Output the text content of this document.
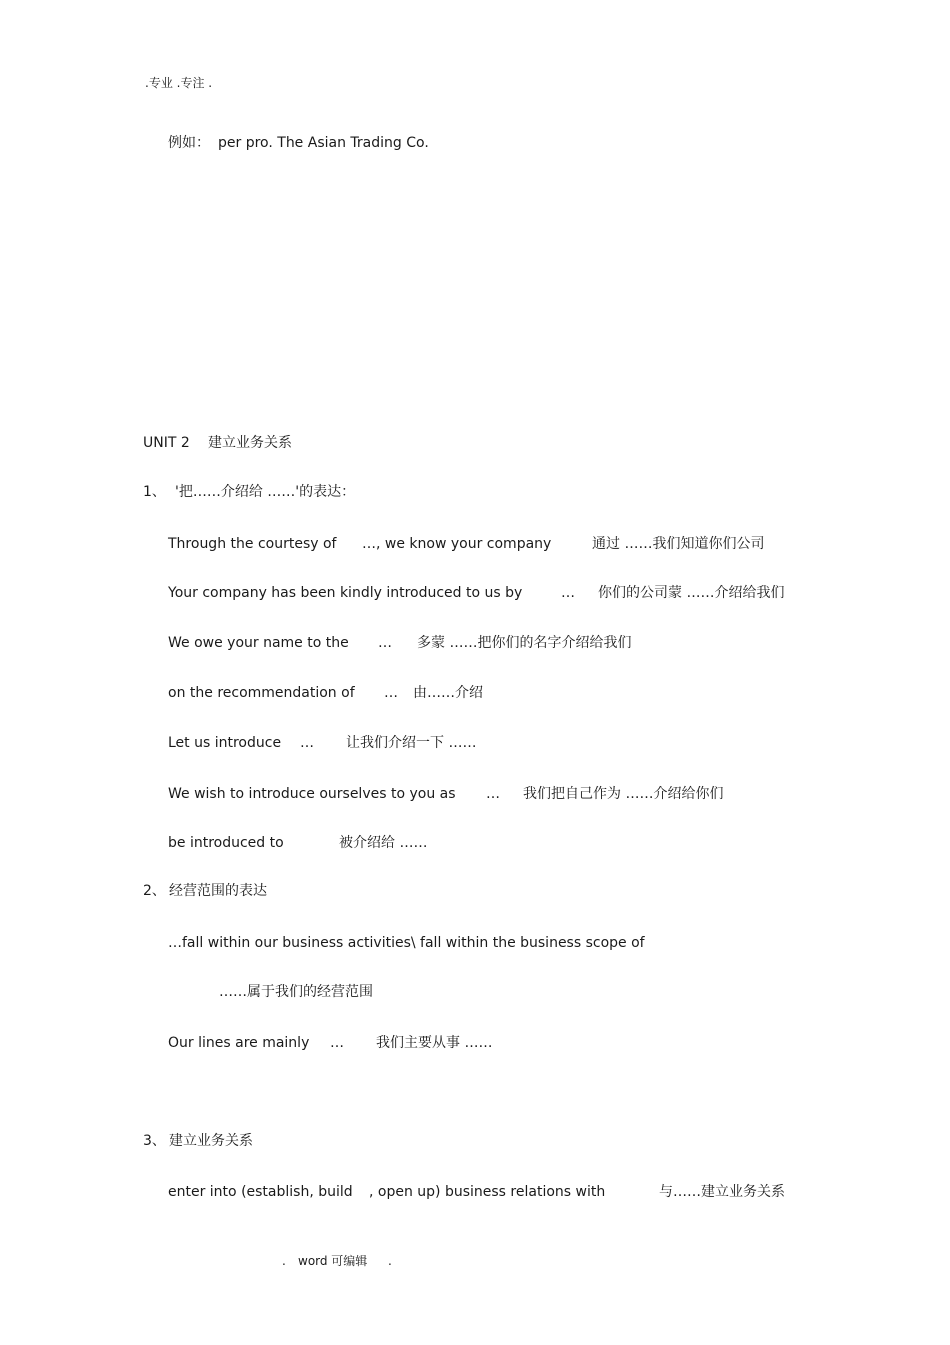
.专业 .专注 .
例如： per pro. The Asian Trading Co.
UNIT 2 建立业务关系
1、 '把……介绍给 ……'的表达：
Through the courtesy of …, we know your company	通过 ……我们知道你们公司
Your company has been kindly introduced to us by	… 你们的公司蒙 ……介绍给我们
We owe your name to the … 多蒙 ……把你们的名字介绍给我们
on the recommendation of … 由……介绍
Let us introduce … 让我们介绍一下 ……
We wish to introduce ourselves to you as … 我们把自己作为 ……介绍给你们
be introduced to	被介绍给 ……
2、 经营范围的表达
…fall within our business activities\ fall within the business scope of
……属于我们的经营范围
Our lines are mainly … 我们主要从事 ……
3、 建立业务关系
enter into (establish, build , open up) business relations with	与……建立业务关系
. word 可编辑 .
